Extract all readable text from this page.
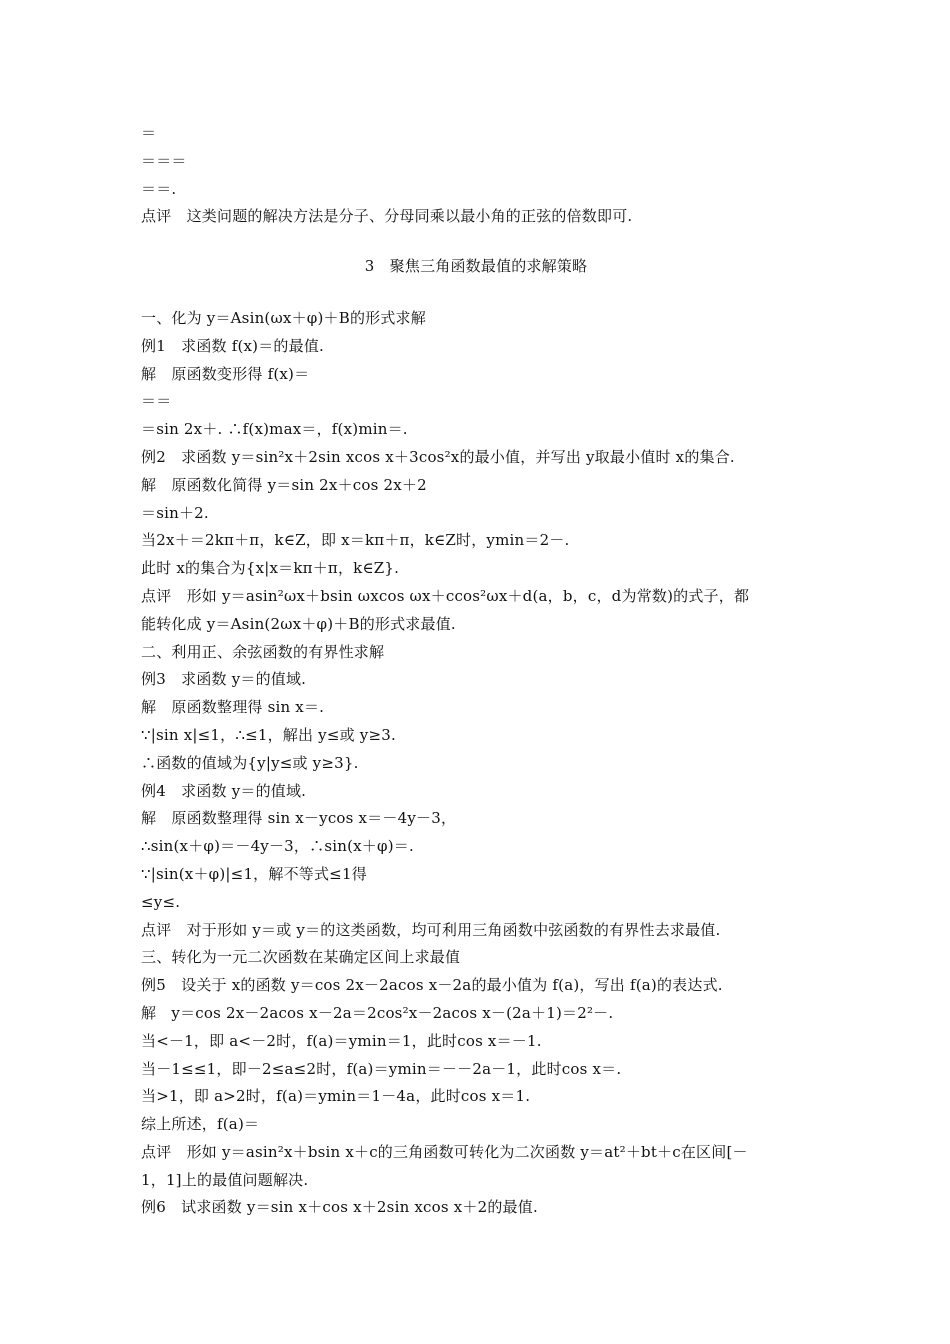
＝
＝＝＝
＝＝.
点评　这类问题的解决方法是分子、分母同乘以最小角的正弦的倍数即可.
3　聚焦三角函数最值的求解策略
一、化为 y＝Asin(ωx＋φ)＋B的形式求解
例1　求函数 f(x)＝的最值.
解　原函数变形得 f(x)＝
＝＝
＝sin 2x＋. ∴f(x)max＝，f(x)min＝.
例2　求函数 y＝sin²x＋2sin xcos x＋3cos²x的最小值，并写出 y取最小值时 x的集合.
解　原函数化简得 y＝sin 2x＋cos 2x＋2
＝sin＋2.
当2x＋＝2kπ＋π，k∈Z，即 x＝kπ＋π，k∈Z时，ymin＝2－.
此时 x的集合为{x|x＝kπ＋π，k∈Z}.
点评　形如 y＝asin²ωx＋bsin ωxcos ωx＋ccos²ωx＋d(a，b，c，d为常数)的式子，都
能转化成 y＝Asin(2ωx＋φ)＋B的形式求最值.
二、利用正、余弦函数的有界性求解
例3　求函数 y＝的值域.
解　原函数整理得 sin x＝.
∵|sin x|≤1，∴≤1，解出 y≤或 y≥3.
∴函数的值域为{y|y≤或 y≥3}.
例4　求函数 y＝的值域.
解　原函数整理得 sin x－ycos x＝－4y－3，
∴sin(x＋φ)＝－4y－3，∴sin(x＋φ)＝.
∵|sin(x＋φ)|≤1，解不等式≤1得
≤y≤.
点评　对于形如 y＝或 y＝的这类函数，均可利用三角函数中弦函数的有界性去求最值.
三、转化为一元二次函数在某确定区间上求最值
例5　设关于 x的函数 y＝cos 2x－2acos x－2a的最小值为 f(a)，写出 f(a)的表达式.
解　y＝cos 2x－2acos x－2a＝2cos²x－2acos x－(2a＋1)＝2²－.
当<－1，即 a<－2时，f(a)＝ymin＝1，此时cos x＝－1.
当－1≤≤1，即－2≤a≤2时，f(a)＝ymin＝－－2a－1，此时cos x＝.
当>1，即 a>2时，f(a)＝ymin＝1－4a，此时cos x＝1.
综上所述，f(a)＝
点评　形如 y＝asin²x＋bsin x＋c的三角函数可转化为二次函数 y＝at²＋bt＋c在区间[－
1，1]上的最值问题解决.
例6　试求函数 y＝sin x＋cos x＋2sin xcos x＋2的最值.
